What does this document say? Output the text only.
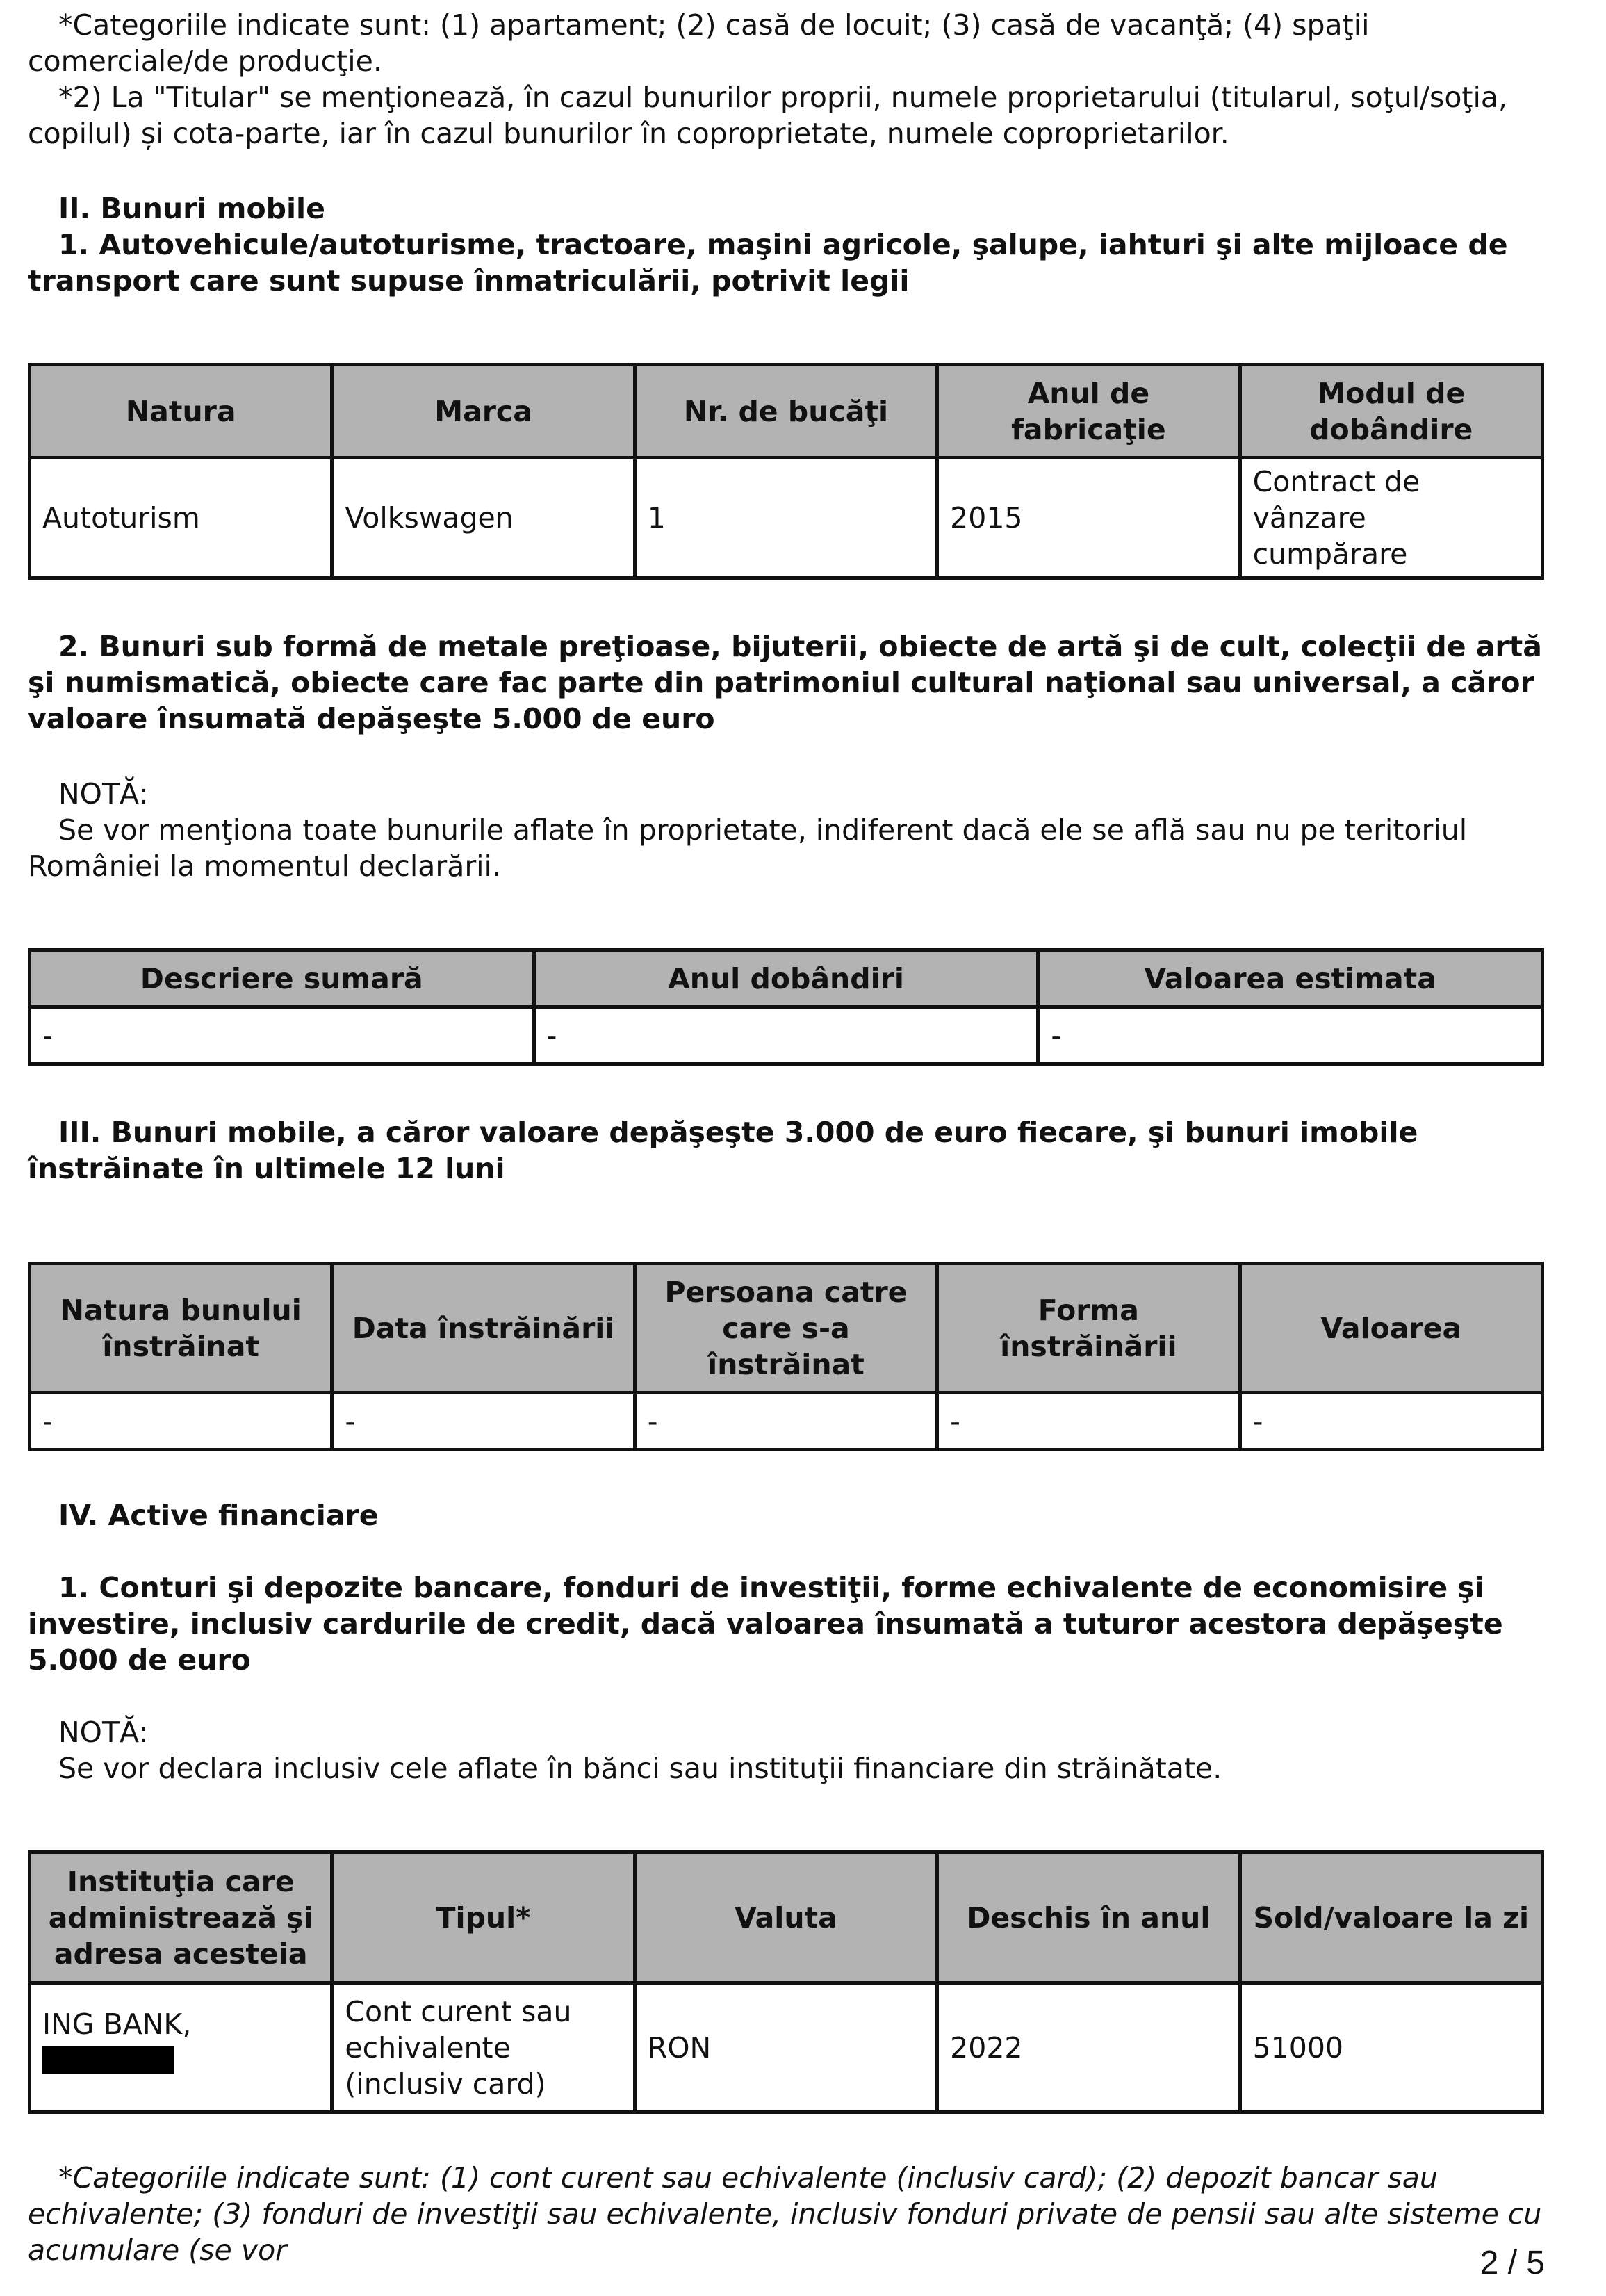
*Categoriile indicate sunt: (1) apartament; (2) casă de locuit; (3) casă de vacanţă; (4) spaţii comerciale/de producţie.

*2) La "Titular" se menţionează, în cazul bunurilor proprii, numele proprietarului (titularul, soţul/soţia, copilul) și cota-parte, iar în cazul bunurilor în coproprietate, numele coproprietarilor.

II. Bunuri mobile

1. Autovehicule/autoturisme, tractoare, maşini agricole, şalupe, iahturi şi alte mijloace de transport care sunt supuse înmatriculării, potrivit legii

Natura	Marca	Nr. de bucăţi	Anul de fabricaţie	Modul de dobândire
Autoturism	Volkswagen	1	2015	Contract de vânzare cumpărare

2. Bunuri sub formă de metale preţioase, bijuterii, obiecte de artă şi de cult, colecţii de artă şi numismatică, obiecte care fac parte din patrimoniul cultural naţional sau universal, a căror valoare însumată depăşeşte 5.000 de euro

NOTĂ:

Se vor menţiona toate bunurile aflate în proprietate, indiferent dacă ele se află sau nu pe teritoriul României la momentul declarării.

Descriere sumară	Anul dobândiri	Valoarea estimata
-	-	-

III. Bunuri mobile, a căror valoare depăşeşte 3.000 de euro fiecare, şi bunuri imobile înstrăinate în ultimele 12 luni

Natura bunului înstrăinat	Data înstrăinării	Persoana catre care s-a înstrăinat	Forma înstrăinării	Valoarea
-	-	-	-	-

IV. Active financiare

1. Conturi şi depozite bancare, fonduri de investiţii, forme echivalente de economisire şi investire, inclusiv cardurile de credit, dacă valoarea însumată a tuturor acestora depăşeşte 5.000 de euro

NOTĂ:

Se vor declara inclusiv cele aflate în bănci sau instituţii financiare din străinătate.

Instituţia care administrează şi adresa acesteia	Tipul*	Valuta	Deschis în anul	Sold/valoare la zi
ING BANK,	Cont curent sau echivalente (inclusiv card)	RON	2022	51000

*Categoriile indicate sunt: (1) cont curent sau echivalente (inclusiv card); (2) depozit bancar sau echivalente; (3) fonduri de investiţii sau echivalente, inclusiv fonduri private de pensii sau alte sisteme cu acumulare (se vor	2 / 5
